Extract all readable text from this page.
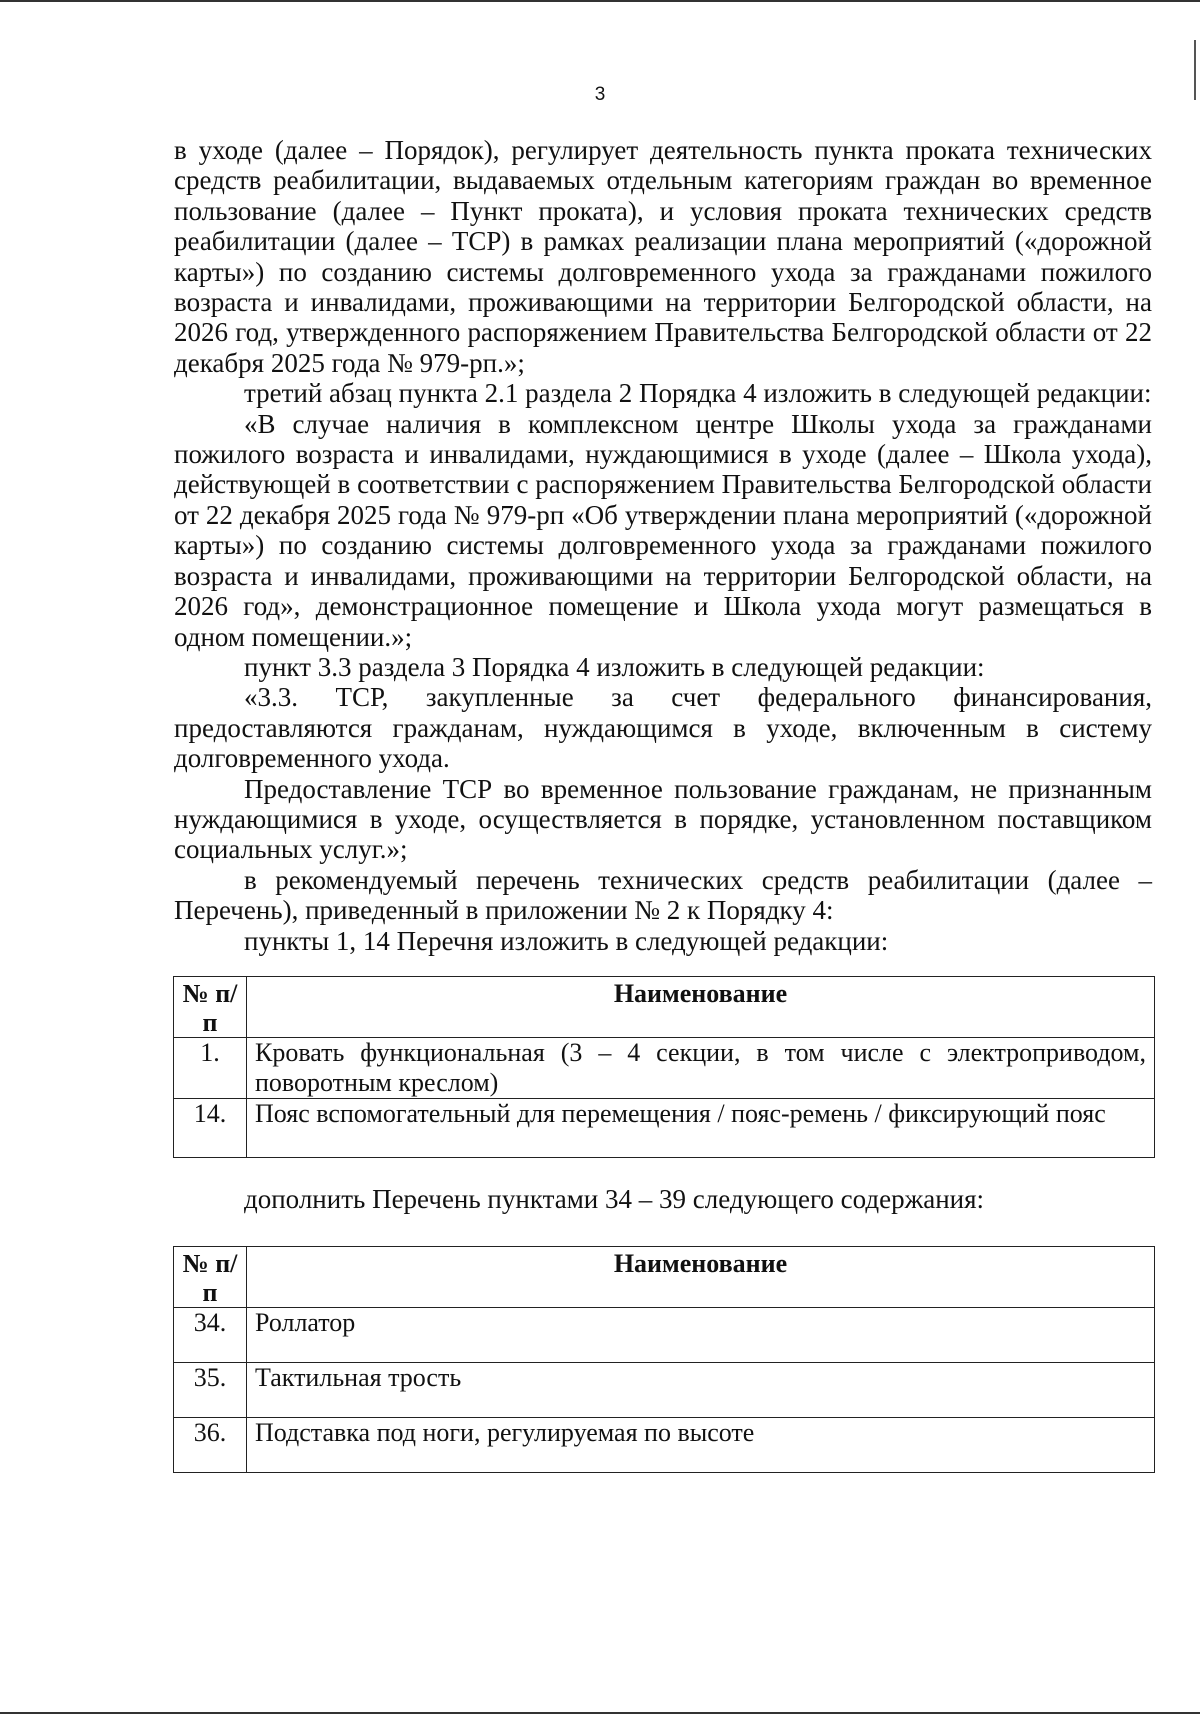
3

в уходе (далее – Порядок), регулирует деятельность пункта проката технических средств реабилитации, выдаваемых отдельным категориям граждан во временное пользование (далее – Пункт проката), и условия проката технических средств реабилитации (далее – ТСР) в рамках реализации плана мероприятий («дорожной карты») по созданию системы долговременного ухода за гражданами пожилого возраста и инвалидами, проживающими на территории Белгородской области, на 2026 год, утвержденного распоряжением Правительства Белгородской области от 22 декабря 2025 года № 979-рп.»;

третий абзац пункта 2.1 раздела 2 Порядка 4 изложить в следующей редакции:

«В случае наличия в комплексном центре Школы ухода за гражданами пожилого возраста и инвалидами, нуждающимися в уходе (далее – Школа ухода), действующей в соответствии с распоряжением Правительства Белгородской области от 22 декабря 2025 года № 979-рп «Об утверждении плана мероприятий («дорожной карты») по созданию системы долговременного ухода за гражданами пожилого возраста и инвалидами, проживающими на территории Белгородской области, на 2026 год», демонстрационное помещение и Школа ухода могут размещаться в одном помещении.»;

пункт 3.3 раздела 3 Порядка 4 изложить в следующей редакции:

«3.3. ТСР, закупленные за счет федерального финансирования, предоставляются гражданам, нуждающимся в уходе, включенным в систему долговременного ухода.

Предоставление ТСР во временное пользование гражданам, не признанным нуждающимися в уходе, осуществляется в порядке, установленном поставщиком социальных услуг.»;

в рекомендуемый перечень технических средств реабилитации (далее – Перечень), приведенный в приложении № 2 к Порядку 4:

пункты 1, 14 Перечня изложить в следующей редакции:

№ п/п	Наименование
1.	Кровать функциональная (3 – 4 секции, в том числе с электроприводом, поворотным креслом)
14.	Пояс вспомогательный для перемещения / пояс-ремень / фиксирующий пояс

дополнить Перечень пунктами 34 – 39 следующего содержания:

№ п/п	Наименование
34.	Роллатор
35.	Тактильная трость
36.	Подставка под ноги, регулируемая по высоте
